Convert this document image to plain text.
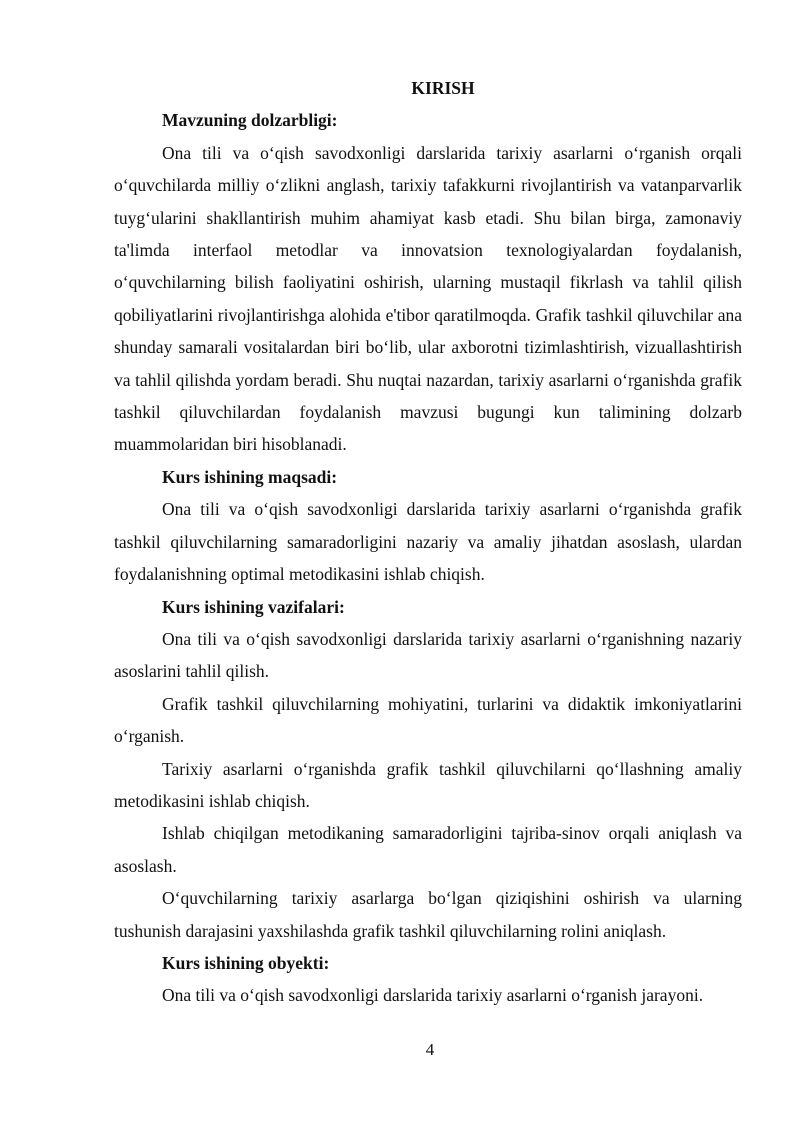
KIRISH

Mavzuning dolzarbligi:

Ona tili va o‘qish savodxonligi darslarida tarixiy asarlarni o‘rganish orqali o‘quvchilarda milliy o‘zlikni anglash, tarixiy tafakkurni rivojlantirish va vatanparvarlik tuyg‘ularini shakllantirish muhim ahamiyat kasb etadi. Shu bilan birga, zamonaviy ta'limda interfaol metodlar va innovatsion texnologiyalardan foydalanish, o‘quvchilarning bilish faoliyatini oshirish, ularning mustaqil fikrlash va tahlil qilish qobiliyatlarini rivojlantirishga alohida e'tibor qaratilmoqda. Grafik tashkil qiluvchilar ana shunday samarali vositalardan biri bo‘lib, ular axborotni tizimlashtirish, vizuallashtirish va tahlil qilishda yordam beradi. Shu nuqtai nazardan, tarixiy asarlarni o‘rganishda grafik tashkil qiluvchilardan foydalanish mavzusi bugungi kun talimining dolzarb muammolaridan biri hisoblanadi.

Kurs ishining maqsadi:

Ona tili va o‘qish savodxonligi darslarida tarixiy asarlarni o‘rganishda grafik tashkil qiluvchilarning samaradorligini nazariy va amaliy jihatdan asoslash, ulardan foydalanishning optimal metodikasini ishlab chiqish.

Kurs ishining vazifalari:

Ona tili va o‘qish savodxonligi darslarida tarixiy asarlarni o‘rganishning nazariy asoslarini tahlil qilish.

Grafik tashkil qiluvchilarning mohiyatini, turlarini va didaktik imkoniyatlarini o‘rganish.

Tarixiy asarlarni o‘rganishda grafik tashkil qiluvchilarni qo‘llashning amaliy metodikasini ishlab chiqish.

Ishlab chiqilgan metodikaning samaradorligini tajriba-sinov orqali aniqlash va asoslash.

O‘quvchilarning tarixiy asarlarga bo‘lgan qiziqishini oshirish va ularning tushunish darajasini yaxshilashda grafik tashkil qiluvchilarning rolini aniqlash.

Kurs ishining obyekti:

Ona tili va o‘qish savodxonligi darslarida tarixiy asarlarni o‘rganish jarayoni.

4
